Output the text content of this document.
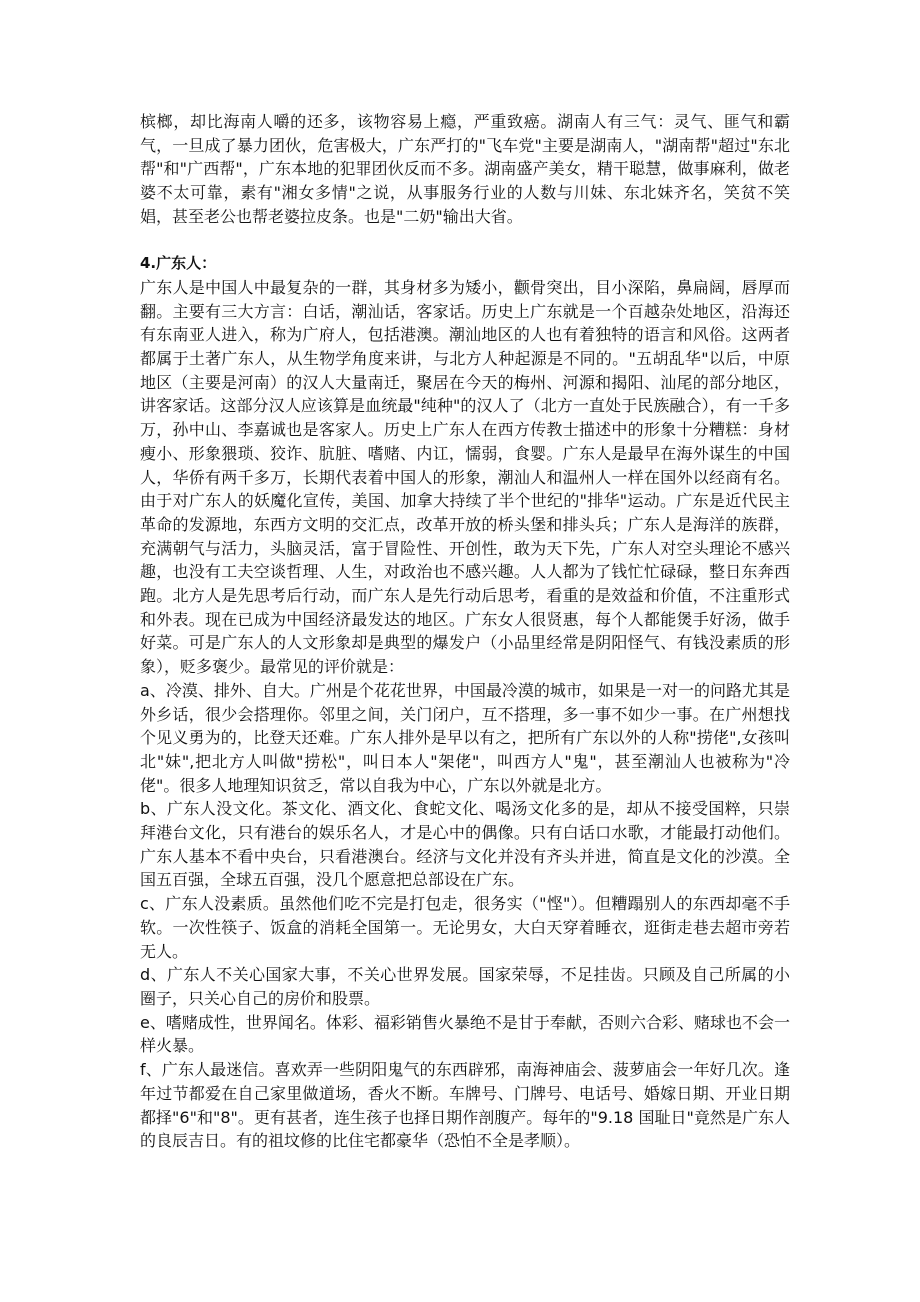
槟榔，却比海南人嚼的还多，该物容易上瘾，严重致癌。湖南人有三气：灵气、匪气和霸气，一旦成了暴力团伙，危害极大，广东严打的"飞车党"主要是湖南人，"湖南帮"超过"东北帮"和"广西帮"，广东本地的犯罪团伙反而不多。湖南盛产美女，精干聪慧，做事麻利，做老婆不太可靠，素有"湘女多情"之说，从事服务行业的人数与川妹、东北妹齐名，笑贫不笑娼，甚至老公也帮老婆拉皮条。也是"二奶"输出大省。

4.广东人：

广东人是中国人中最复杂的一群，其身材多为矮小，颧骨突出，目小深陷，鼻扁阔，唇厚而翻。主要有三大方言：白话，潮汕话，客家话。历史上广东就是一个百越杂处地区，沿海还有东南亚人进入，称为广府人，包括港澳。潮汕地区的人也有着独特的语言和风俗。这两者都属于土著广东人，从生物学角度来讲，与北方人种起源是不同的。"五胡乱华"以后，中原地区（主要是河南）的汉人大量南迁，聚居在今天的梅州、河源和揭阳、汕尾的部分地区，讲客家话。这部分汉人应该算是血统最"纯种"的汉人了（北方一直处于民族融合），有一千多万，孙中山、李嘉诚也是客家人。历史上广东人在西方传教士描述中的形象十分糟糕：身材瘦小、形象猥琐、狡诈、肮脏、嗜赌、内讧，懦弱，食婴。广东人是最早在海外谋生的中国人，华侨有两千多万，长期代表着中国人的形象，潮汕人和温州人一样在国外以经商有名。由于对广东人的妖魔化宣传，美国、加拿大持续了半个世纪的"排华"运动。广东是近代民主革命的发源地，东西方文明的交汇点，改革开放的桥头堡和排头兵；广东人是海洋的族群，充满朝气与活力，头脑灵活，富于冒险性、开创性，敢为天下先，广东人对空头理论不感兴趣，也没有工夫空谈哲理、人生，对政治也不感兴趣。人人都为了钱忙忙碌碌，整日东奔西跑。北方人是先思考后行动，而广东人是先行动后思考，看重的是效益和价值，不注重形式和外表。现在已成为中国经济最发达的地区。广东女人很贤惠，每个人都能煲手好汤，做手好菜。可是广东人的人文形象却是典型的爆发户（小品里经常是阴阳怪气、有钱没素质的形象），贬多褒少。最常见的评价就是：

a、冷漠、排外、自大。广州是个花花世界，中国最冷漠的城市，如果是一对一的问路尤其是外乡话，很少会搭理你。邻里之间，关门闭户，互不搭理，多一事不如少一事。在广州想找个见义勇为的，比登天还难。广东人排外是早以有之，把所有广东以外的人称"捞佬",女孩叫北"妹",把北方人叫做"捞松"，叫日本人"架佬"，叫西方人"鬼"，甚至潮汕人也被称为"冷佬"。很多人地理知识贫乏，常以自我为中心，广东以外就是北方。

b、广东人没文化。茶文化、酒文化、食蛇文化、喝汤文化多的是，却从不接受国粹，只崇拜港台文化，只有港台的娱乐名人，才是心中的偶像。只有白话口水歌，才能最打动他们。广东人基本不看中央台，只看港澳台。经济与文化并没有齐头并进，简直是文化的沙漠。全国五百强，全球五百强，没几个愿意把总部设在广东。

c、广东人没素质。虽然他们吃不完是打包走，很务实（"悭"）。但糟蹋别人的东西却毫不手软。一次性筷子、饭盒的消耗全国第一。无论男女，大白天穿着睡衣，逛街走巷去超市旁若无人。

d、广东人不关心国家大事，不关心世界发展。国家荣辱，不足挂齿。只顾及自己所属的小圈子，只关心自己的房价和股票。

e、嗜赌成性，世界闻名。体彩、福彩销售火暴绝不是甘于奉献，否则六合彩、赌球也不会一样火暴。

f、广东人最迷信。喜欢弄一些阴阳鬼气的东西辟邪，南海神庙会、菠萝庙会一年好几次。逢年过节都爱在自己家里做道场，香火不断。车牌号、门牌号、电话号、婚嫁日期、开业日期都择"6"和"8"。更有甚者，连生孩子也择日期作剖腹产。每年的"9.18 国耻日"竟然是广东人的良辰吉日。有的祖坟修的比住宅都豪华（恐怕不全是孝顺）。
